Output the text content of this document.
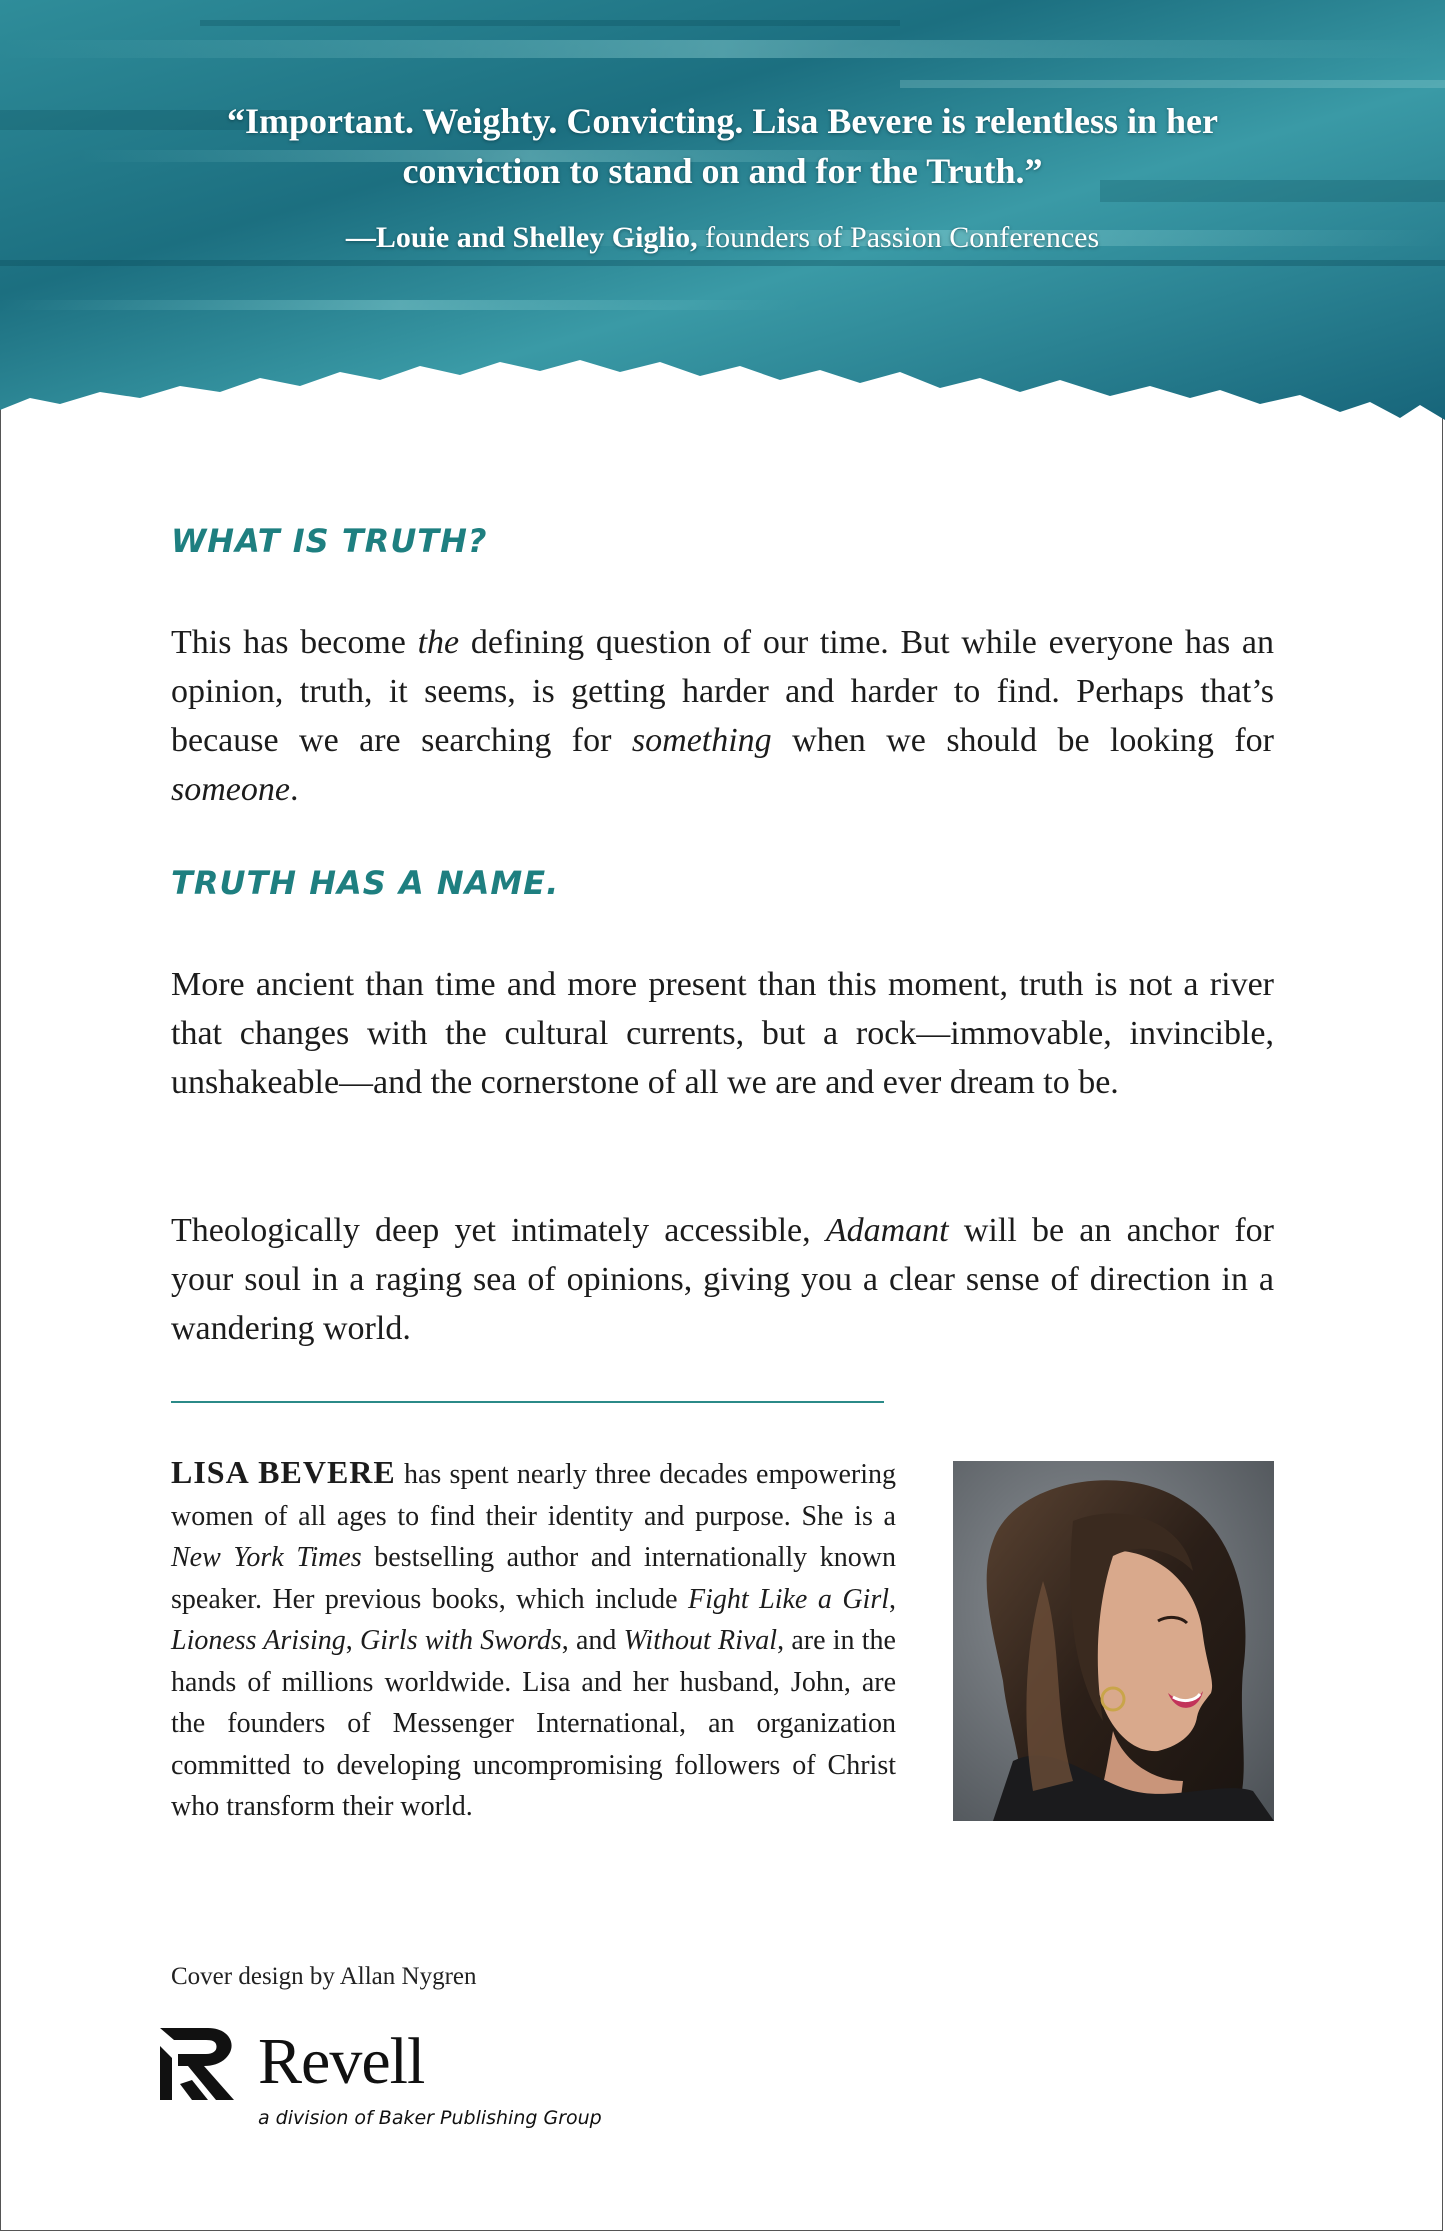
“Important. Weighty. Convicting. Lisa Bevere is relentless in her conviction to stand on and for the Truth.”

—Louie and Shelley Giglio, founders of Passion Conferences
WHAT IS TRUTH?

This has become the defining question of our time. But while everyone has an opinion, truth, it seems, is getting harder and harder to find. Perhaps that’s because we are searching for something when we should be looking for someone.

TRUTH HAS A NAME.

More ancient than time and more present than this moment, truth is not a river that changes with the cultural currents, but a rock—immovable, invincible, unshakeable—and the cornerstone of all we are and ever dream to be.

Theologically deep yet intimately accessible, Adamant will be an anchor for your soul in a raging sea of opinions, giving you a clear sense of direction in a wandering world.

LISA BEVERE has spent nearly three decades empowering women of all ages to find their identity and purpose. She is a New York Times bestselling author and internationally known speaker. Her previous books, which include Fight Like a Girl, Lioness Arising, Girls with Swords, and Without Rival, are in the hands of millions worldwide. Lisa and her husband, John, are the founders of Messenger International, an organization committed to developing uncompromising followers of Christ who transform their world.

Cover design by Allan Nygren

Revell

a division of Baker Publishing Group
